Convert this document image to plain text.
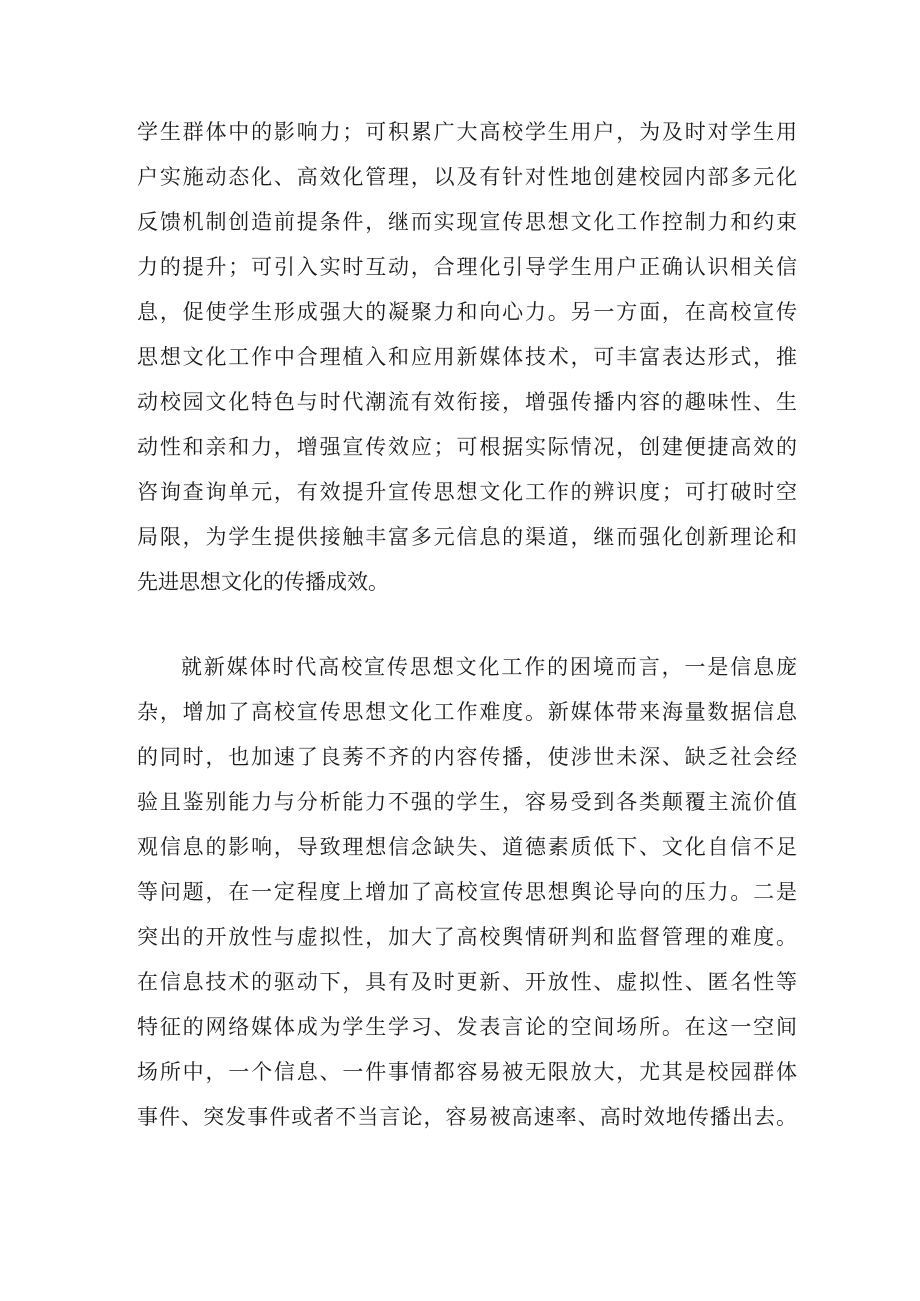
学生群体中的影响力；可积累广大高校学生用户，为及时对学生用
户实施动态化、高效化管理，以及有针对性地创建校园内部多元化
反馈机制创造前提条件，继而实现宣传思想文化工作控制力和约束
力的提升；可引入实时互动，合理化引导学生用户正确认识相关信
息，促使学生形成强大的凝聚力和向心力。另一方面，在高校宣传
思想文化工作中合理植入和应用新媒体技术，可丰富表达形式，推
动校园文化特色与时代潮流有效衔接，增强传播内容的趣味性、生
动性和亲和力，增强宣传效应；可根据实际情况，创建便捷高效的
咨询查询单元，有效提升宣传思想文化工作的辨识度；可打破时空
局限，为学生提供接触丰富多元信息的渠道，继而强化创新理论和
先进思想文化的传播成效。
就新媒体时代高校宣传思想文化工作的困境而言，一是信息庞
杂，增加了高校宣传思想文化工作难度。新媒体带来海量数据信息
的同时，也加速了良莠不齐的内容传播，使涉世未深、缺乏社会经
验且鉴别能力与分析能力不强的学生，容易受到各类颠覆主流价值
观信息的影响，导致理想信念缺失、道德素质低下、文化自信不足
等问题，在一定程度上增加了高校宣传思想舆论导向的压力。二是
突出的开放性与虚拟性，加大了高校舆情研判和监督管理的难度。
在信息技术的驱动下，具有及时更新、开放性、虚拟性、匿名性等
特征的网络媒体成为学生学习、发表言论的空间场所。在这一空间
场所中，一个信息、一件事情都容易被无限放大，尤其是校园群体
事件、突发事件或者不当言论，容易被高速率、高时效地传播出去。
